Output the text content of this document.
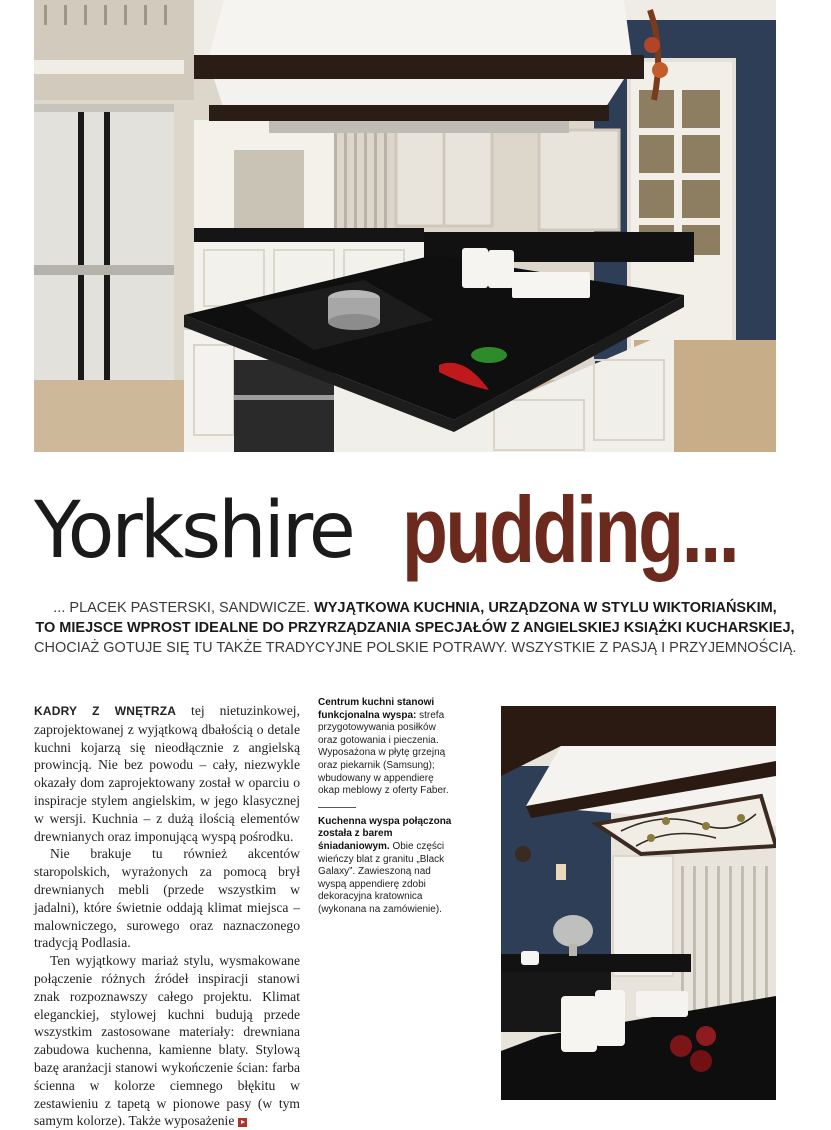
Yorkshire pudding...

... PLACEK PASTERSKI, SANDWICZE. WYJĄTKOWA KUCHNIA, URZĄDZONA W STYLU WIKTORIAŃSKIM,

TO MIEJSCE WPROST IDEALNE DO PRZYRZĄDZANIA SPECJAŁÓW Z ANGIELSKIEJ KSIĄŻKI KUCHARSKIEJ,

CHOCIAŻ GOTUJE SIĘ TU TAKŻE TRADYCYJNE POLSKIE POTRAWY. WSZYSTKIE Z PASJĄ I PRZYJEMNOŚCIĄ.

KADRY Z WNĘTRZA tej nietuzinkowej, zaprojektowanej z wyjątkową dbałością o detale kuchni kojarzą się nieodłącznie z angielską prowincją. Nie bez powodu – cały, niezwykle okazały dom zaprojektowany został w oparciu o inspiracje stylem angielskim, w jego klasycznej w wersji. Kuchnia – z dużą ilością elementów drewnianych oraz imponującą wyspą pośrodku.

Nie brakuje tu również akcentów staropolskich, wyrażonych za pomocą brył drewnianych mebli (przede wszystkim w jadalni), które świetnie oddają klimat miejsca – malowniczego, surowego oraz naznaczonego tradycją Podlasia.

Ten wyjątkowy mariaż stylu, wysmakowane połączenie różnych źródeł inspiracji stanowi znak rozpoznawszy całego projektu. Klimat eleganckiej, stylowej kuchni budują przede wszystkim zastosowane materiały: drewniana zabudowa kuchenna, kamienne blaty. Stylową bazę aranżacji stanowi wykończenie ścian: farba ścienna w kolorze ciemnego błękitu w zestawieniu z tapetą w pionowe pasy (w tym samym kolorze). Także wyposażenie

Centrum kuchni stanowi funkcjonalna wyspa: strefa przygotowywania posiłków oraz gotowania i pieczenia. Wyposażona w płytę grzejną oraz piekarnik (Samsung); wbudowany w appendierę okap meblowy z oferty Faber.

Kuchenna wyspa połączona została z barem śniadaniowym. Obie części wieńczy blat z granitu „Black Galaxy”. Zawieszoną nad wyspą appendierę zdobi dekoracyjna kratownica (wykonana na zamówienie).
